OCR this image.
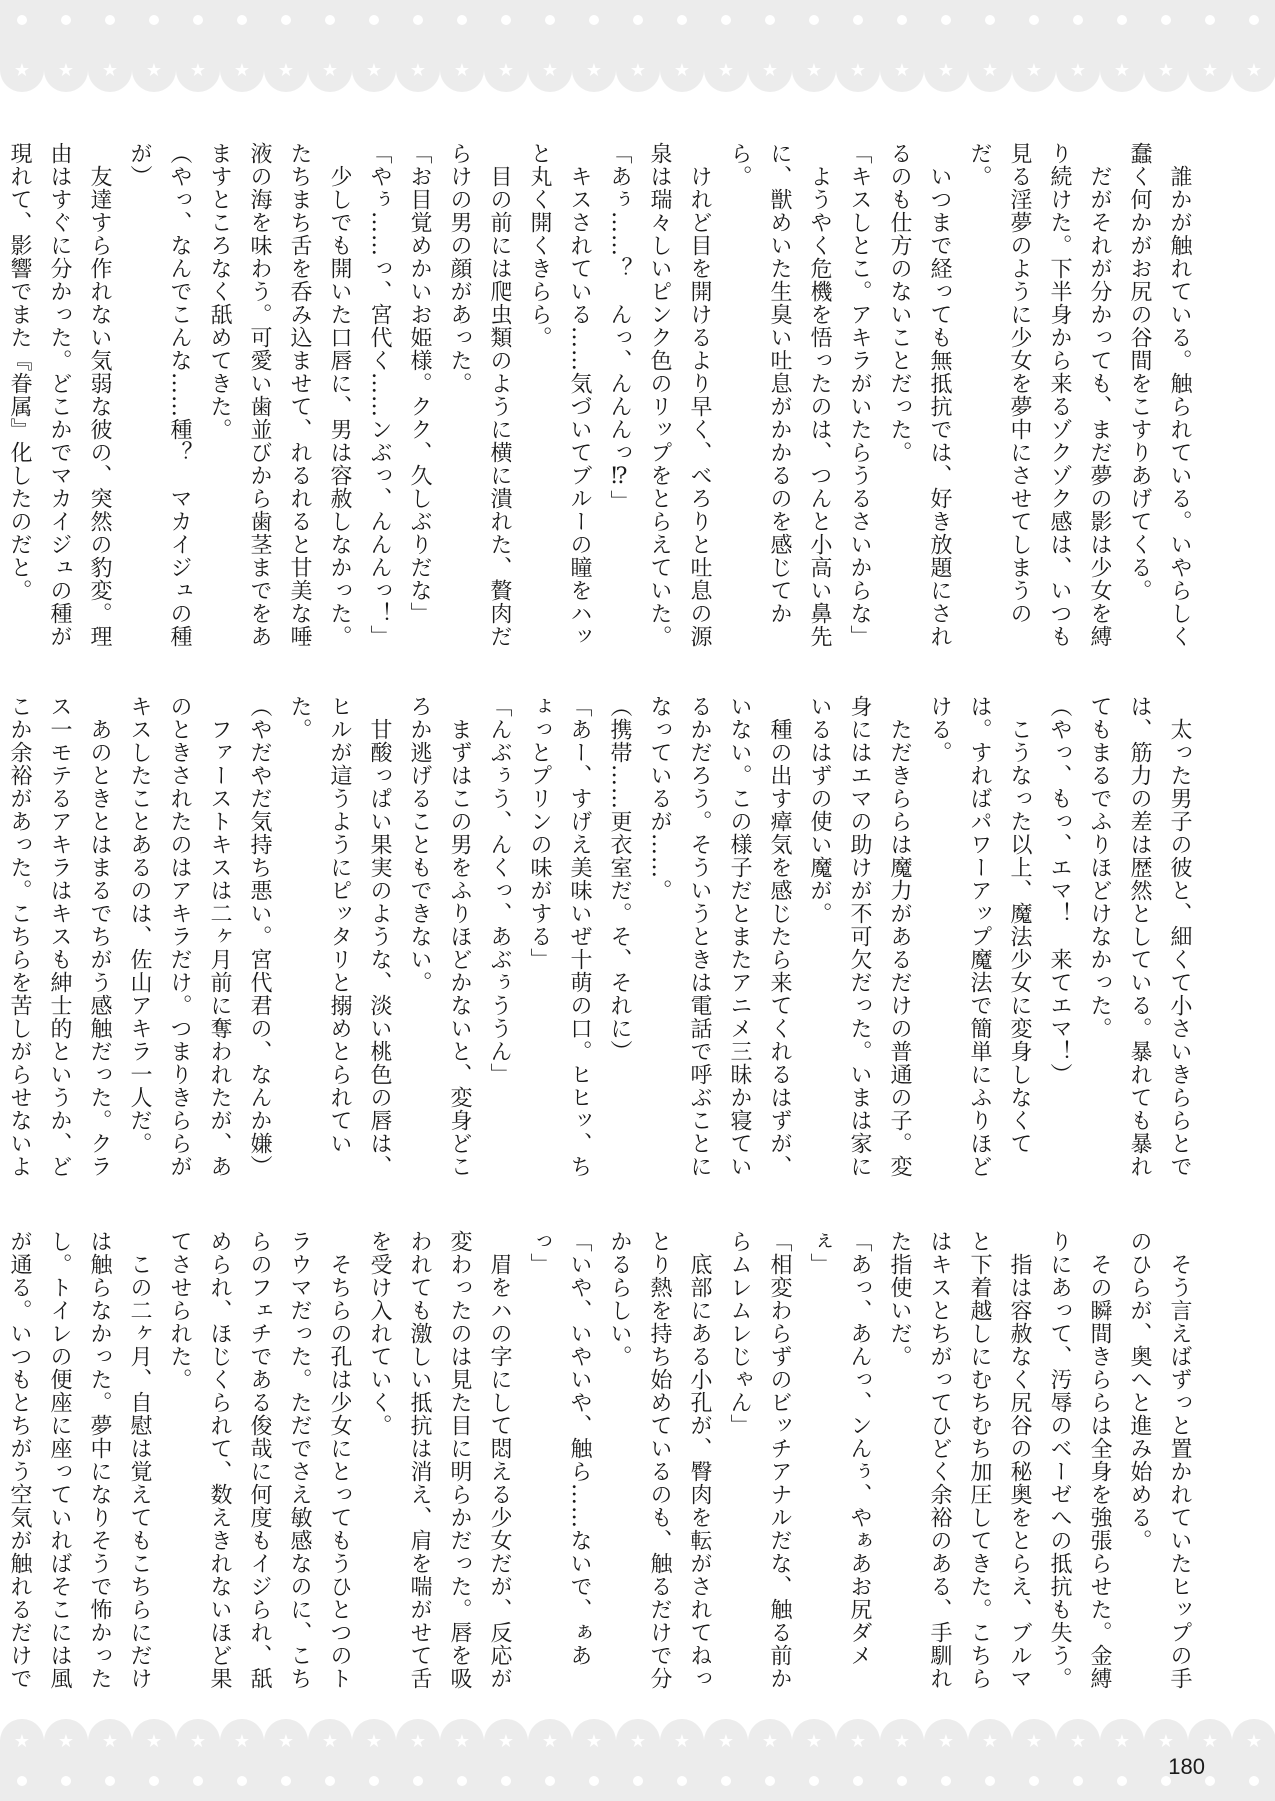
★ ★ ★ ★ ★ ★ ★ ★ ★ ★ ★ ★ ★ ★ ★ ★ ★ ★ ★ ★ ★ ★ ★ ★ ★ ★ ★ ★ ★
　誰かが触れている。触られている。いやらしく蠢く何かがお尻の谷間をこすりあげてくる。
　だがそれが分かっても、まだ夢の影は少女を縛り続けた。下半身から来るゾクゾク感は、いつも見る淫夢のように少女を夢中にさせてしまうのだ。
　いつまで経っても無抵抗では、好き放題にされるのも仕方のないことだった。
「キスしとこ。アキラがいたらうるさいからな」
　ようやく危機を悟ったのは、つんと小高い鼻先に、獣めいた生臭い吐息がかかるのを感じてから。
　けれど目を開けるより早く、べろりと吐息の源泉は瑞々しいピンク色のリップをとらえていた。
「あぅ……？　んっ、んんんっ⁉」
　キスされている……気づいてブルーの瞳をハッと丸く開くきらら。
　目の前には爬虫類のように横に潰れた、贅肉だらけの男の顔があった。
「お目覚めかいお姫様。クク、久しぶりだな」
「やぅ……っ、宮代く……ンぶっ、んんんっ！」
　少しでも開いた口唇に、男は容赦しなかった。たちまち舌を呑み込ませて、れるれると甘美な唾液の海を味わう。可愛い歯並びから歯茎までをあますところなく舐めてきた。
（やっ、なんでこんな……種？　マカイジュの種が）
　友達すら作れない気弱な彼の、突然の豹変。理由はすぐに分かった。どこかでマカイジュの種が現れて、影響でまた『眷属』化したのだと。
　太った男子の彼と、細くて小さいきららとでは、筋力の差は歴然としている。暴れても暴れてもまるでふりほどけなかった。
（やっ、もっ、エマ！　来てエマ！）
　こうなった以上、魔法少女に変身しなくては。すればパワーアップ魔法で簡単にふりほどける。
　ただきららは魔力があるだけの普通の子。変身にはエマの助けが不可欠だった。いまは家にいるはずの使い魔が。
　種の出す瘴気を感じたら来てくれるはずが、いない。この様子だとまたアニメ三昧か寝ているかだろう。そういうときは電話で呼ぶことになっているが……。
（携帯……更衣室だ。そ、それに）
「あー、すげえ美味いぜ十萌の口。ヒヒッ、ちょっとプリンの味がする」
「んぶぅう、んくっ、あぶぅううん」
　まずはこの男をふりほどかないと、変身どころか逃げることもできない。
　甘酸っぱい果実のような、淡い桃色の唇は、ヒルが這うようにピッタリと搦めとられていた。
（やだやだ気持ち悪い。宮代君の、なんか嫌）
　ファーストキスは二ヶ月前に奪われたが、あのときされたのはアキラだけ。つまりきららがキスしたことあるのは、佐山アキラ一人だ。
　あのときとはまるでちがう感触だった。クラス一モテるアキラはキスも紳士的というか、どこか余裕があった。こちらを苦しがらせないよ
　そう言えばずっと置かれていたヒップの手のひらが、奥へと進み始める。
　その瞬間きららは全身を強張らせた。金縛りにあって、汚辱のベーゼへの抵抗も失う。
　指は容赦なく尻谷の秘奥をとらえ、ブルマと下着越しにむちむち加圧してきた。こちらはキスとちがってひどく余裕のある、手馴れた指使いだ。
「あっ、あんっ、ンんぅ、やぁあお尻ダメぇ」
「相変わらずのビッチアナルだな、触る前からムレムレじゃん」
　底部にある小孔が、臀肉を転がされてねっとり熱を持ち始めているのも、触るだけで分かるらしい。
「いや、いやいや、触ら……ないで、ぁあっ」
　眉をハの字にして悶える少女だが、反応が変わったのは見た目に明らかだった。唇を吸われても激しい抵抗は消え、肩を喘がせて舌を受け入れていく。
　そちらの孔は少女にとってもうひとつのトラウマだった。ただでさえ敏感なのに、こちらのフェチである俊哉に何度もイジられ、舐められ、ほじくられて、数えきれないほど果てさせられた。
　この二ヶ月、自慰は覚えてもこちらにだけは触らなかった。夢中になりそうで怖かったし。トイレの便座に座っていればそこには風が通る。いつもとちがう空気が触れるだけで
★ ★ ★ ★ ★ ★ ★ ★ ★ ★ ★ ★ ★ ★ ★ ★ ★ ★ ★ ★ ★ ★ ★ ★ ★ ★ ★ ★ ★
180
